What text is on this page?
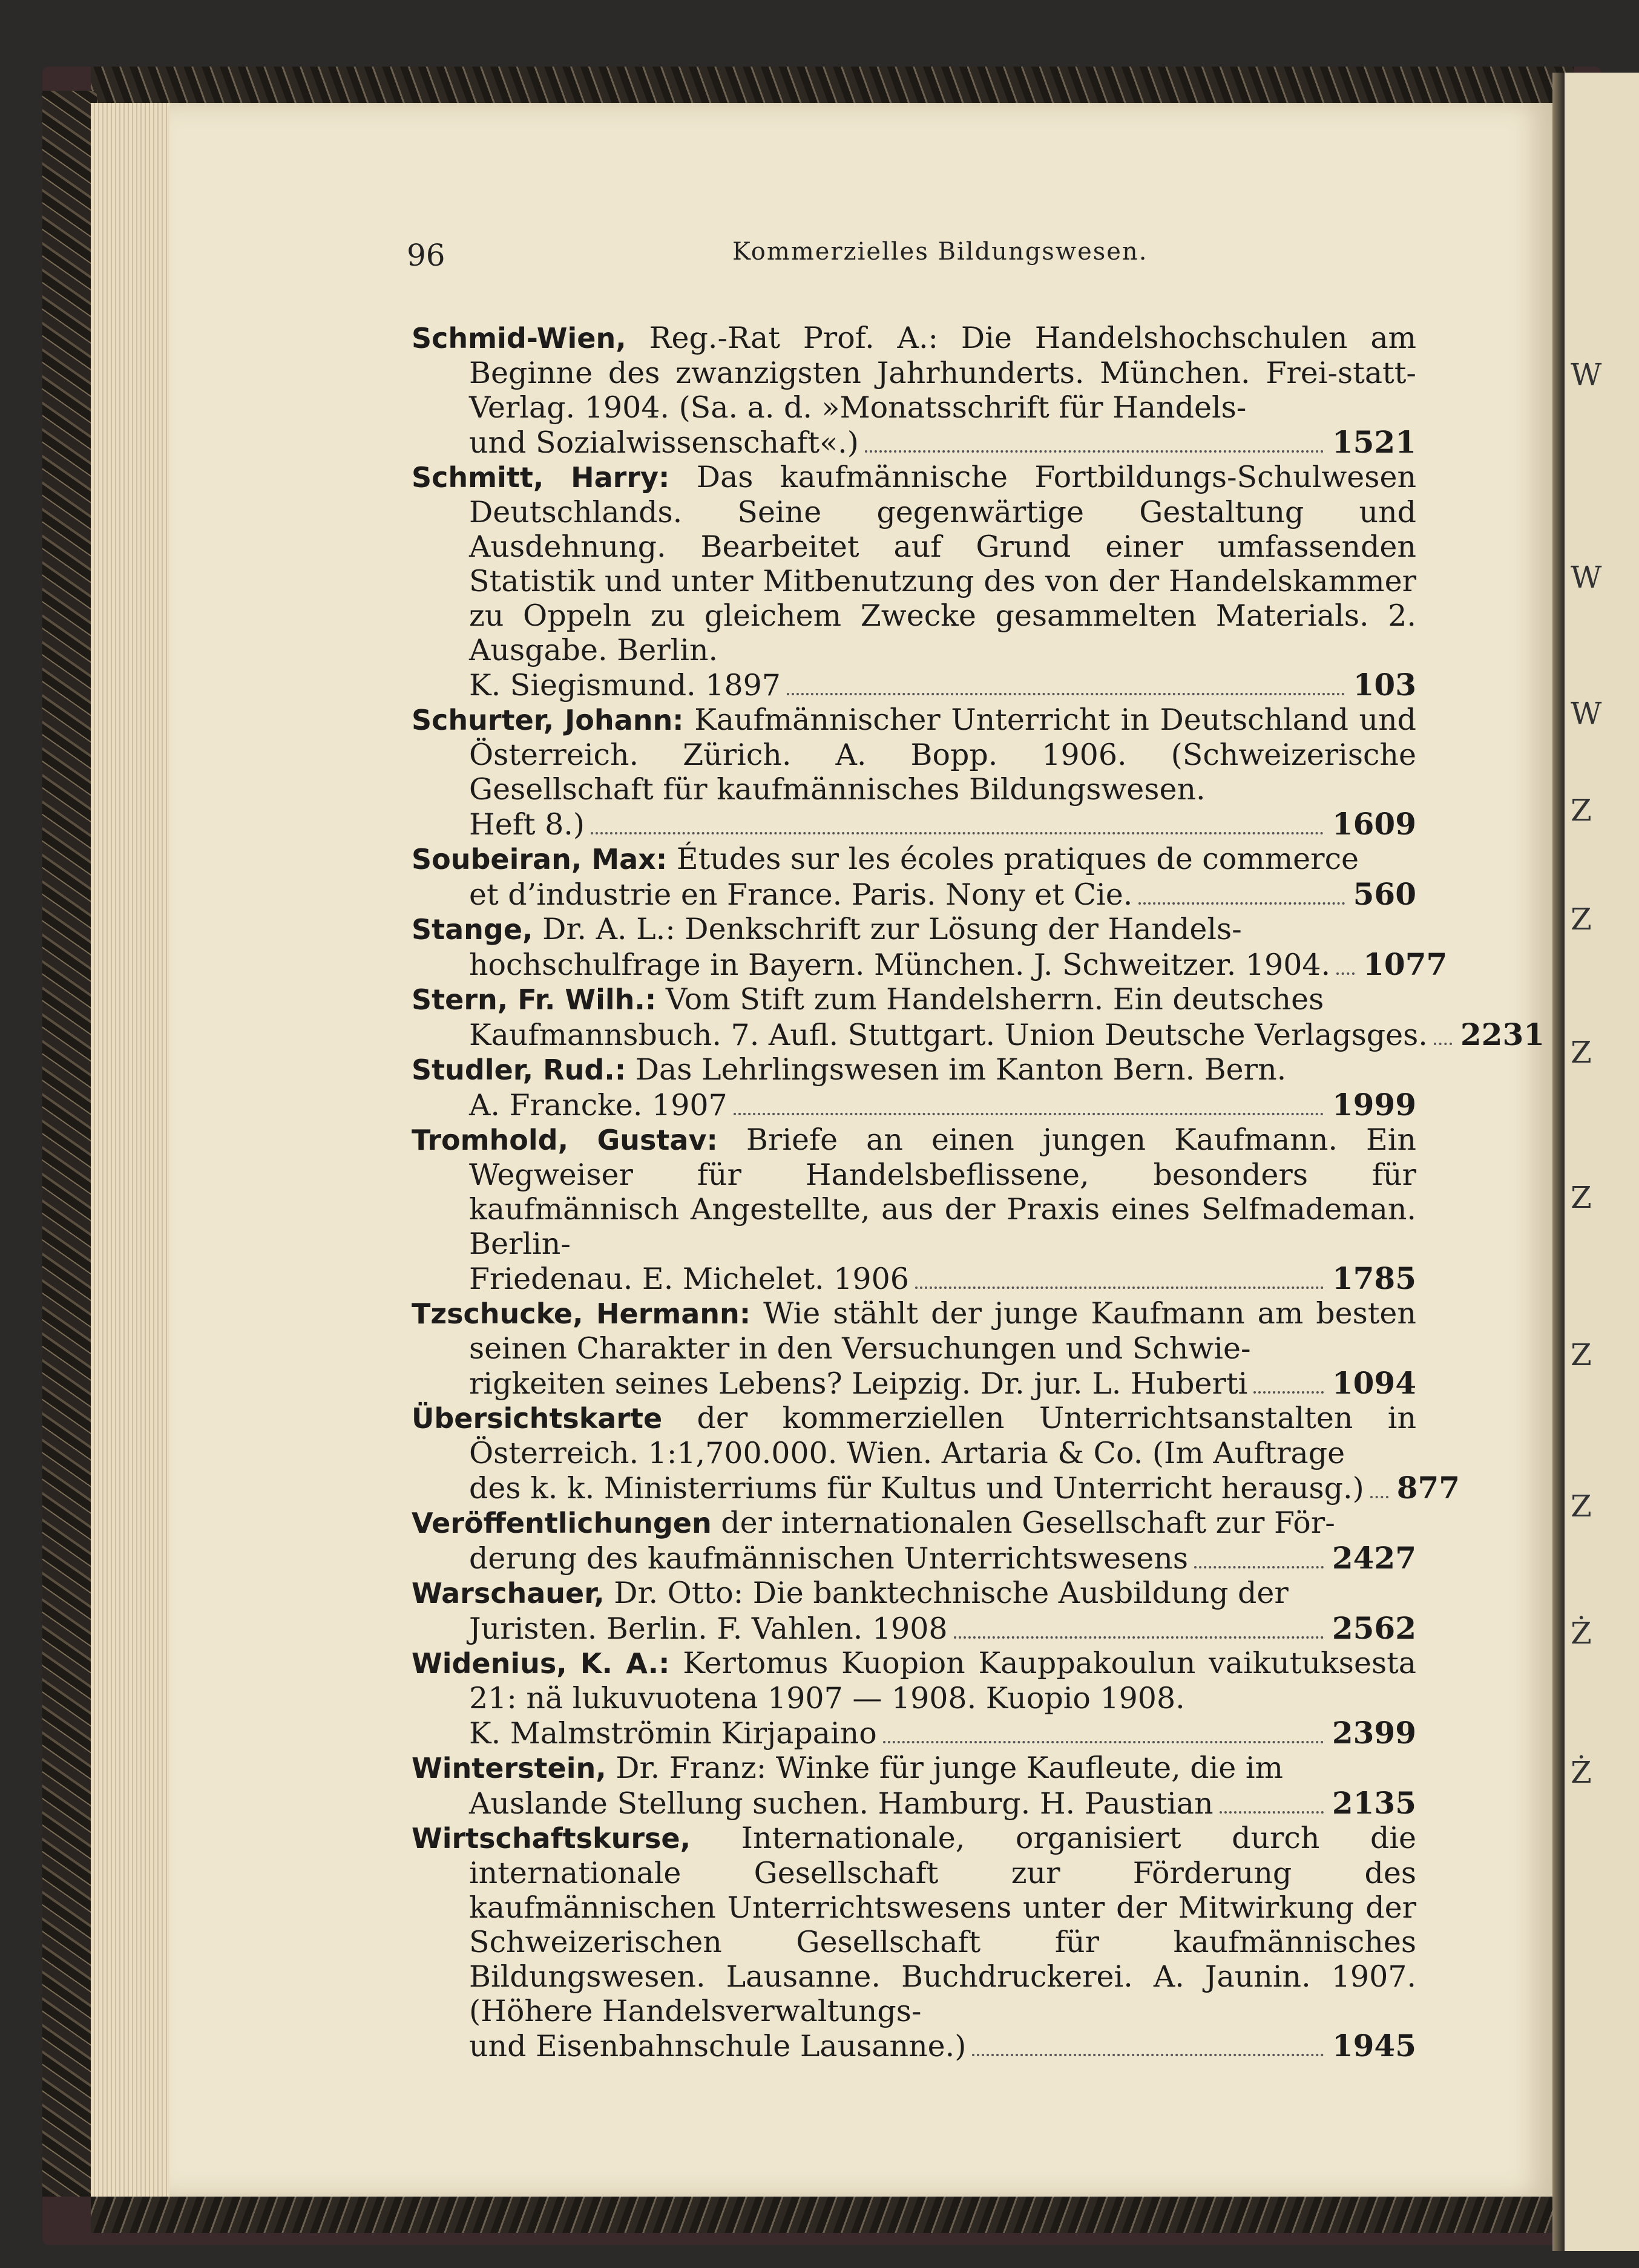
W
W
W
Z
Z
Z
Z
Z
Z
Ż
Ż
96	Kommerzielles Bildungswesen.

Schmid-Wien, Reg.-Rat Prof. A.: Die Handelshochschulen am Beginne des zwanzigsten Jahrhunderts. München. Frei-statt-Verlag. 1904. (Sa. a. d. »Monatsschrift für Handels-
und Sozialwissenschaft«.)	1521

Schmitt, Harry: Das kaufmännische Fortbildungs-Schulwesen Deutschlands. Seine gegenwärtige Gestaltung und Ausdehnung. Bearbeitet auf Grund einer umfassenden Statistik und unter Mitbenutzung des von der Handelskammer zu Oppeln zu gleichem Zwecke gesammelten Materials. 2. Ausgabe. Berlin.
K. Siegismund. 1897	103

Schurter, Johann: Kaufmännischer Unterricht in Deutschland und Österreich. Zürich. A. Bopp. 1906. (Schweizerische Gesellschaft für kaufmännisches Bildungswesen.
Heft 8.)	1609

Soubeiran, Max: Études sur les écoles pratiques de commerce
et d’industrie en France. Paris. Nony et Cie.	560

Stange, Dr. A. L.: Denkschrift zur Lösung der Handels-
hochschulfrage in Bayern. München. J. Schweitzer. 1904. 1077

Stern, Fr. Wilh.: Vom Stift zum Handelsherrn. Ein deutsches
Kaufmannsbuch. 7. Aufl. Stuttgart. Union Deutsche Verlagsges. 2231

Studler, Rud.: Das Lehrlingswesen im Kanton Bern. Bern.
A. Francke. 1907	1999

Tromhold, Gustav: Briefe an einen jungen Kaufmann. Ein Wegweiser für Handelsbeflissene, besonders für kaufmännisch Angestellte, aus der Praxis eines Selfmademan. Berlin-
Friedenau. E. Michelet. 1906	1785

Tzschucke, Hermann: Wie stählt der junge Kaufmann am besten seinen Charakter in den Versuchungen und Schwie-
rigkeiten seines Lebens? Leipzig. Dr. jur. L. Huberti	1094

Übersichtskarte der kommerziellen Unterrichtsanstalten in Österreich. 1:1,700.000. Wien. Artaria & Co. (Im Auftrage
des k. k. Ministerriums für Kultus und Unterricht herausg.) 877

Veröffentlichungen der internationalen Gesellschaft zur För-
derung des kaufmännischen Unterrichtswesens	2427

Warschauer, Dr. Otto: Die banktechnische Ausbildung der
Juristen. Berlin. F. Vahlen. 1908	2562

Widenius, K. A.: Kertomus Kuopion Kauppakoulun vaikutuksesta 21: nä lukuvuotena 1907 — 1908. Kuopio 1908.
K. Malmströmin Kirjapaino	2399

Winterstein, Dr. Franz: Winke für junge Kaufleute, die im
Auslande Stellung suchen. Hamburg. H. Paustian	2135

Wirtschaftskurse, Internationale, organisiert durch die internationale Gesellschaft zur Förderung des kaufmännischen Unterrichtswesens unter der Mitwirkung der Schweizerischen Gesellschaft für kaufmännisches Bildungswesen. Lausanne. Buchdruckerei. A. Jaunin. 1907. (Höhere Handelsverwaltungs-
und Eisenbahnschule Lausanne.)	1945
